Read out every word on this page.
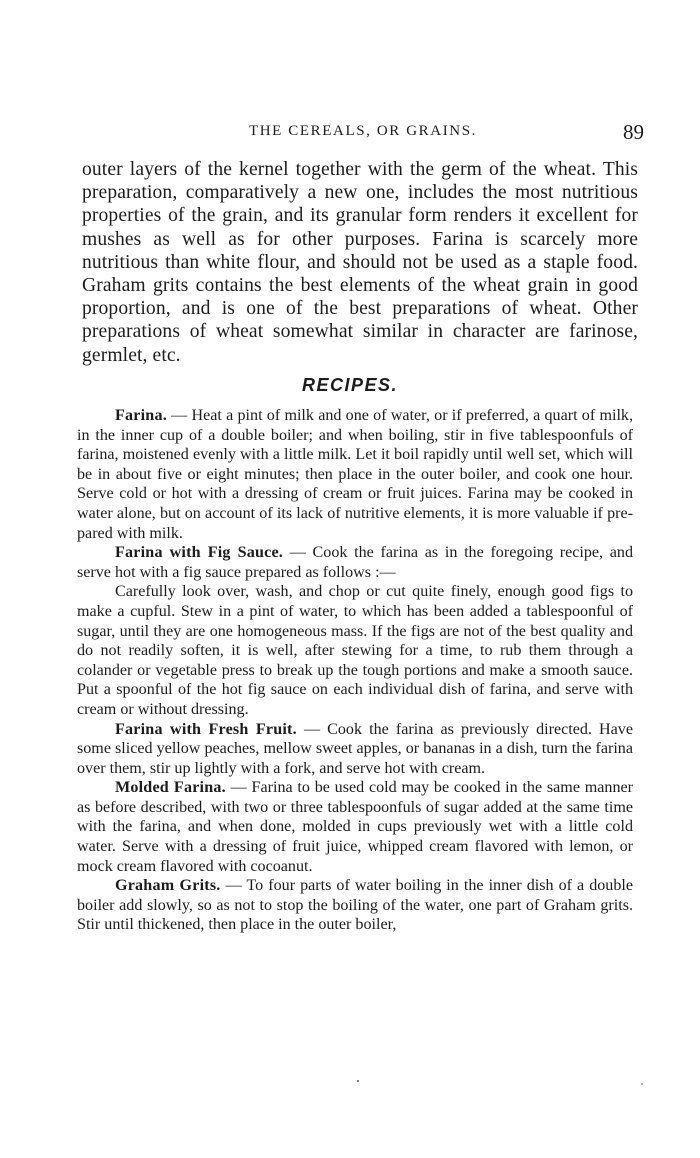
THE CEREALS, OR GRAINS.	89

outer layers of the kernel together with the germ of the wheat. This preparation, comparatively a new one, includes the most nutritious properties of the grain, and its granular form renders it excellent for mushes as well as for other purposes. Farina is scarcely more nutritious than white flour, and should not be used as a staple food. Graham grits contains the best elements of the wheat grain in good proportion, and is one of the best preparations of wheat. Other preparations of wheat somewhat similar in character are farinose, germlet, etc.

RECIPES.

Farina. — Heat a pint of milk and one of water, or if preferred, a quart of milk, in the inner cup of a double boiler; and when boiling, stir in five tablespoonfuls of farina, moistened evenly with a little milk. Let it boil rapidly until well set, which will be in about five or eight minutes; then place in the outer boiler, and cook one hour. Serve cold or hot with a dressing of cream or fruit juices. Farina may be cooked in water alone, but on account of its lack of nutritive elements, it is more valuable if prepared with milk.

Farina with Fig Sauce. — Cook the farina as in the foregoing recipe, and serve hot with a fig sauce prepared as follows :—

Carefully look over, wash, and chop or cut quite finely, enough good figs to make a cupful. Stew in a pint of water, to which has been added a tablespoonful of sugar, until they are one homogeneous mass. If the figs are not of the best quality and do not readily soften, it is well, after stewing for a time, to rub them through a colander or vegetable press to break up the tough portions and make a smooth sauce. Put a spoonful of the hot fig sauce on each individual dish of farina, and serve with cream or without dressing.

Farina with Fresh Fruit. — Cook the farina as previously directed. Have some sliced yellow peaches, mellow sweet apples, or bananas in a dish, turn the farina over them, stir up lightly with a fork, and serve hot with cream.

Molded Farina. — Farina to be used cold may be cooked in the same manner as before described, with two or three tablespoonfuls of sugar added at the same time with the farina, and when done, molded in cups previously wet with a little cold water. Serve with a dressing of fruit juice, whipped cream flavored with lemon, or mock cream flavored with cocoanut.

Graham Grits. — To four parts of water boiling in the inner dish of a double boiler add slowly, so as not to stop the boiling of the water, one part of Graham grits. Stir until thickened, then place in the outer boiler,
